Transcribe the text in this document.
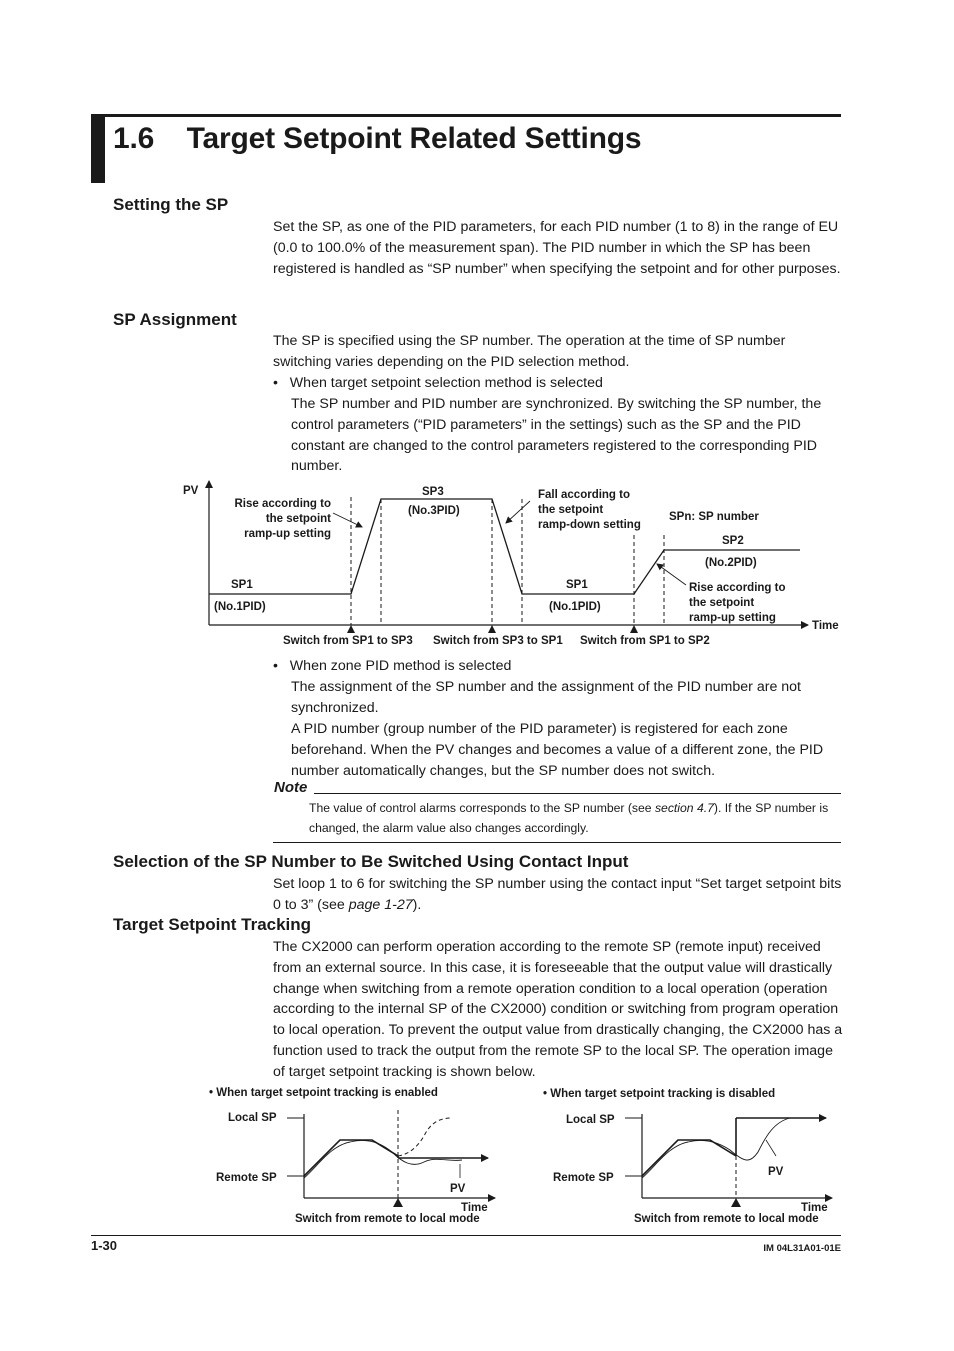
1.6    Target Setpoint Related Settings
Setting the SP
Set the SP, as one of the PID parameters, for each PID number (1 to 8) in the range of EU (0.0 to 100.0% of the measurement span). The PID number in which the SP has been registered is handled as “SP number” when specifying the setpoint and for other purposes.
SP Assignment
The SP is specified using the SP number. The operation at the time of SP number switching varies depending on the PID selection method.
•   When target setpoint selection method is selected
The SP number and PID number are synchronized. By switching the SP number, the control parameters (“PID parameters” in the settings) such as the SP and the PID constant are changed to the control parameters registered to the corresponding PID number.
PV
Time
Rise according to
the setpoint
ramp-up setting
SP3
(No.3PID)
Fall according to
the setpoint
ramp-down setting
SPn: SP number
SP2
(No.2PID)
SP1
(No.1PID)
SP1
(No.1PID)
Rise according to
the setpoint
ramp-up setting
Switch from SP1 to SP3 Switch from SP3 to SP1 Switch from SP1 to SP2
•   When zone PID method is selected
The assignment of the SP number and the assignment of the PID number are not synchronized.
A PID number (group number of the PID parameter) is registered for each zone beforehand. When the PV changes and becomes a value of a different zone, the PID number automatically changes, but the SP number does not switch.
Note
The value of control alarms corresponds to the SP number (see section 4.7). If the SP number is changed, the alarm value also changes accordingly.
Selection of the SP Number to Be Switched Using Contact Input
Set loop 1 to 6 for switching the SP number using the contact input “Set target setpoint bits 0 to 3” (see page 1-27).
Target Setpoint Tracking
The CX2000 can perform operation according to the remote SP (remote input) received from an external source. In this case, it is foreseeable that the output value will drastically change when switching from a remote operation condition to a local operation (operation according to the internal SP of the CX2000) condition or switching from program operation to local operation. To prevent the output value from drastically changing, the CX2000 has a function used to track the output from the remote SP to the local SP. The operation image of target setpoint tracking is shown below.
• When target setpoint tracking is enabled
Local SP
Remote SP
PV
Time
Switch from remote to local mode
• When target setpoint tracking is disabled
Local SP
Remote SP	PV
Time
Switch from remote to local mode
1-30	IM 04L31A01-01E
